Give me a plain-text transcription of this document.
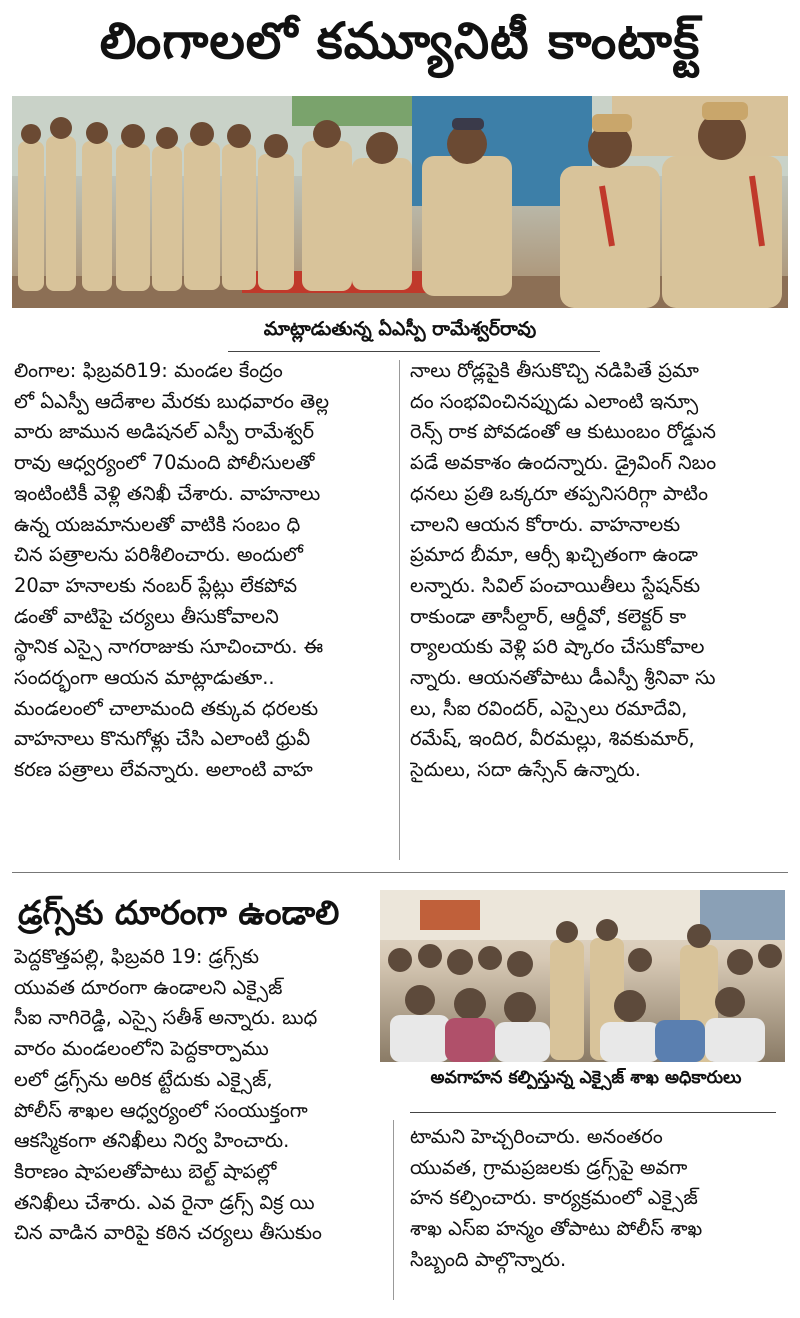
లింగాలలో కమ్యూనిటీ కాంటాక్ట్
మాట్లాడుతున్న ఏఎస్పీ రామేశ్వర్‌రావు

లింగాల: ఫిబ్రవరి19: మండల కేంద్రం

లో ఏఎస్పీ ఆదేశాల మేరకు బుధవారం తెల్ల

వారు జామున అడిషనల్ ఎస్పీ రామేశ్వర్

రావు ఆధ్వర్యంలో 70మంది పోలీసులతో

ఇంటింటికీ వెళ్లి తనిఖీ చేశారు. వాహనాలు

ఉన్న యజమానులతో వాటికి సంబం ధి

చిన పత్రాలను పరిశీలించారు. అందులో

20వా హనాలకు నంబర్ ప్లేట్లు లేకపోవ

డంతో వాటిపై చర్యలు తీసుకోవాలని

స్థానిక ఎస్సై నాగరాజుకు సూచించారు. ఈ

సందర్భంగా ఆయన మాట్లాడుతూ..

మండలంలో చాలామంది తక్కువ ధరలకు

వాహనాలు కొనుగోళ్లు చేసి ఎలాంటి ధ్రువీ

కరణ పత్రాలు లేవన్నారు. అలాంటి వాహ

నాలు రోడ్లపైకి తీసుకొచ్చి నడిపితే ప్రమా

దం సంభవించినప్పుడు ఎలాంటి ఇన్సూ

రెన్స్ రాక పోవడంతో ఆ కుటుంబం రోడ్డున

పడే అవకాశం ఉందన్నారు. డ్రైవింగ్ నిబం

ధనలు ప్రతి ఒక్కరూ తప్పనిసరిగ్గా పాటిం

చాలని ఆయన కోరారు. వాహనాలకు

ప్రమాద బీమా, ఆర్సీ ఖచ్చితంగా ఉండా

లన్నారు. సివిల్ పంచాయితీలు స్టేషన్‌కు

రాకుండా తాసీల్దార్, ఆర్డీవో, కలెక్టర్ కా

ర్యాలయకు వెళ్లి పరి ష్కారం చేసుకోవాల

న్నారు. ఆయనతోపాటు డీఎస్పీ శ్రీనివా సు

లు, సీఐ రవిందర్, ఎస్సైలు రమాదేవి,

రమేష్, ఇందిర, వీరమల్లు, శివకుమార్,

సైదులు, సదా ఉస్సేన్ ఉన్నారు.

డ్రగ్స్‌కు దూరంగా ఉండాలి

పెద్దకొత్తపల్లి, ఫిబ్రవరి 19: డ్రగ్స్‌కు

యువత దూరంగా ఉండాలని ఎక్సైజ్

సీఐ నాగిరెడ్డి, ఎస్సై సతీశ్ అన్నారు. బుధ

వారం మండలంలోని పెద్దకార్పాము

లలో డ్రగ్స్‌ను అరిక ట్టేదుకు ఎక్సైజ్,

పోలీస్ శాఖల ఆధ్వర్యంలో సంయుక్తంగా

ఆకస్మికంగా తనిఖీలు నిర్వ హించారు.

కిరాణం షాపలతోపాటు బెల్ట్ షాపల్లో

తనిఖీలు చేశారు. ఎవ రైనా డ్రగ్స్ విక్ర యి

చిన వాడిన వారిపై కఠిన చర్యలు తీసుకుం

అవగాహన కల్పిస్తున్న ఎక్సైజ్ శాఖ అధికారులు

టామని హెచ్చరించారు. అనంతరం

యువత, గ్రామప్రజలకు డ్రగ్స్‌పై అవగా

హన కల్పించారు. కార్యక్రమంలో ఎక్సైజ్

శాఖ ఎస్ఐ హన్మం తోపాటు పోలీస్ శాఖ

సిబ్బంది పాల్గొన్నారు.
